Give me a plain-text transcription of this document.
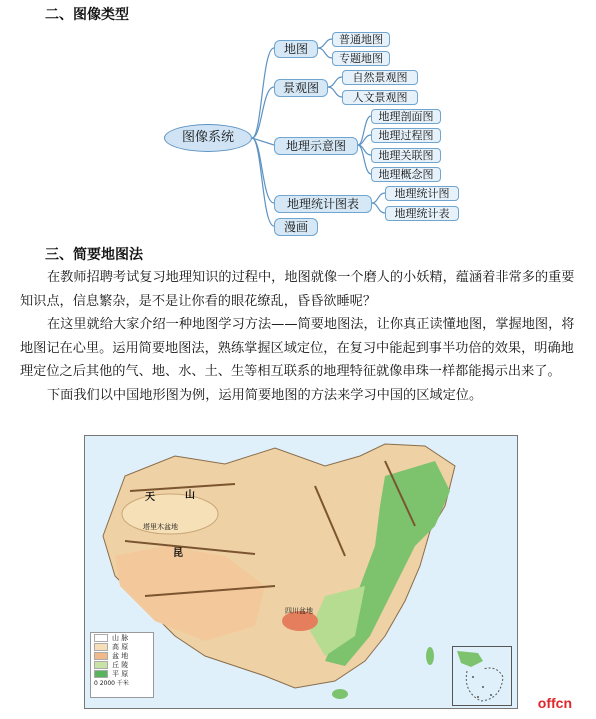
二、图像类型
图像系统
地图
景观图
地理示意图
地理统计图表
漫画
普通地图
专题地图
自然景观图
人文景观图
地理剖面图
地理过程图
地理关联图
地理概念图
地理统计图
地理统计表
三、简要地图法

在教师招聘考试复习地理知识的过程中，地图就像一个磨人的小妖精，蕴涵着非常多的重要知识点，信息繁杂，是不是让你看的眼花缭乱，昏昏欲睡呢？

在这里就给大家介绍一种地图学习方法——简要地图法，让你真正读懂地图，掌握地图，将地图记在心里。运用简要地图法，熟练掌握区域定位，在复习中能起到事半功倍的效果，明确地理定位之后其他的气、地、水、土、生等相互联系的地理特征就像串珠一样都能揭示出来了。

下面我们以中国地形图为例，运用简要地图的方法来学习中国的区域定位。

天	山
昆
塔里木盆地
四川盆地
山 脉
高 原
盆 地
丘 陵
平 原
0 2000 千米
offcn
